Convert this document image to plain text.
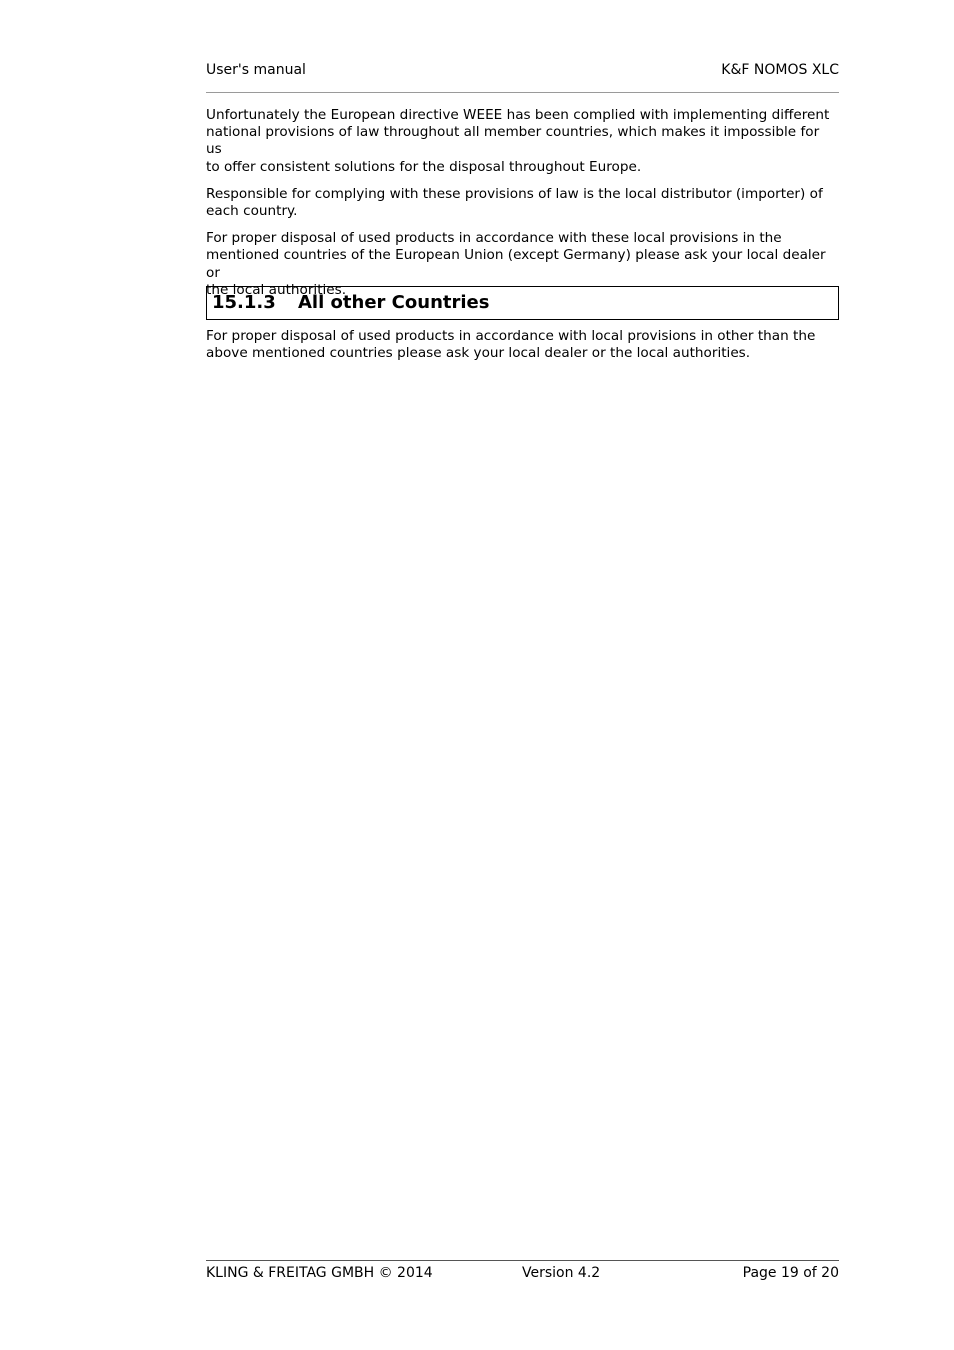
User's manual	K&F NOMOS XLC

Unfortunately the European directive WEEE has been complied with implementing different
national provisions of law throughout all member countries, which makes it impossible for us
to offer consistent solutions for the disposal throughout Europe.

Responsible for complying with these provisions of law is the local distributor (importer) of
each country.

For proper disposal of used products in accordance with these local provisions in the
mentioned countries of the European Union (except Germany) please ask your local dealer or
the local authorities.

15.1.3 All other Countries

For proper disposal of used products in accordance with local provisions in other than the
above mentioned countries please ask your local dealer or the local authorities.

KLING & FREITAG GMBH © 2014	Version 4.2	Page 19 of 20
